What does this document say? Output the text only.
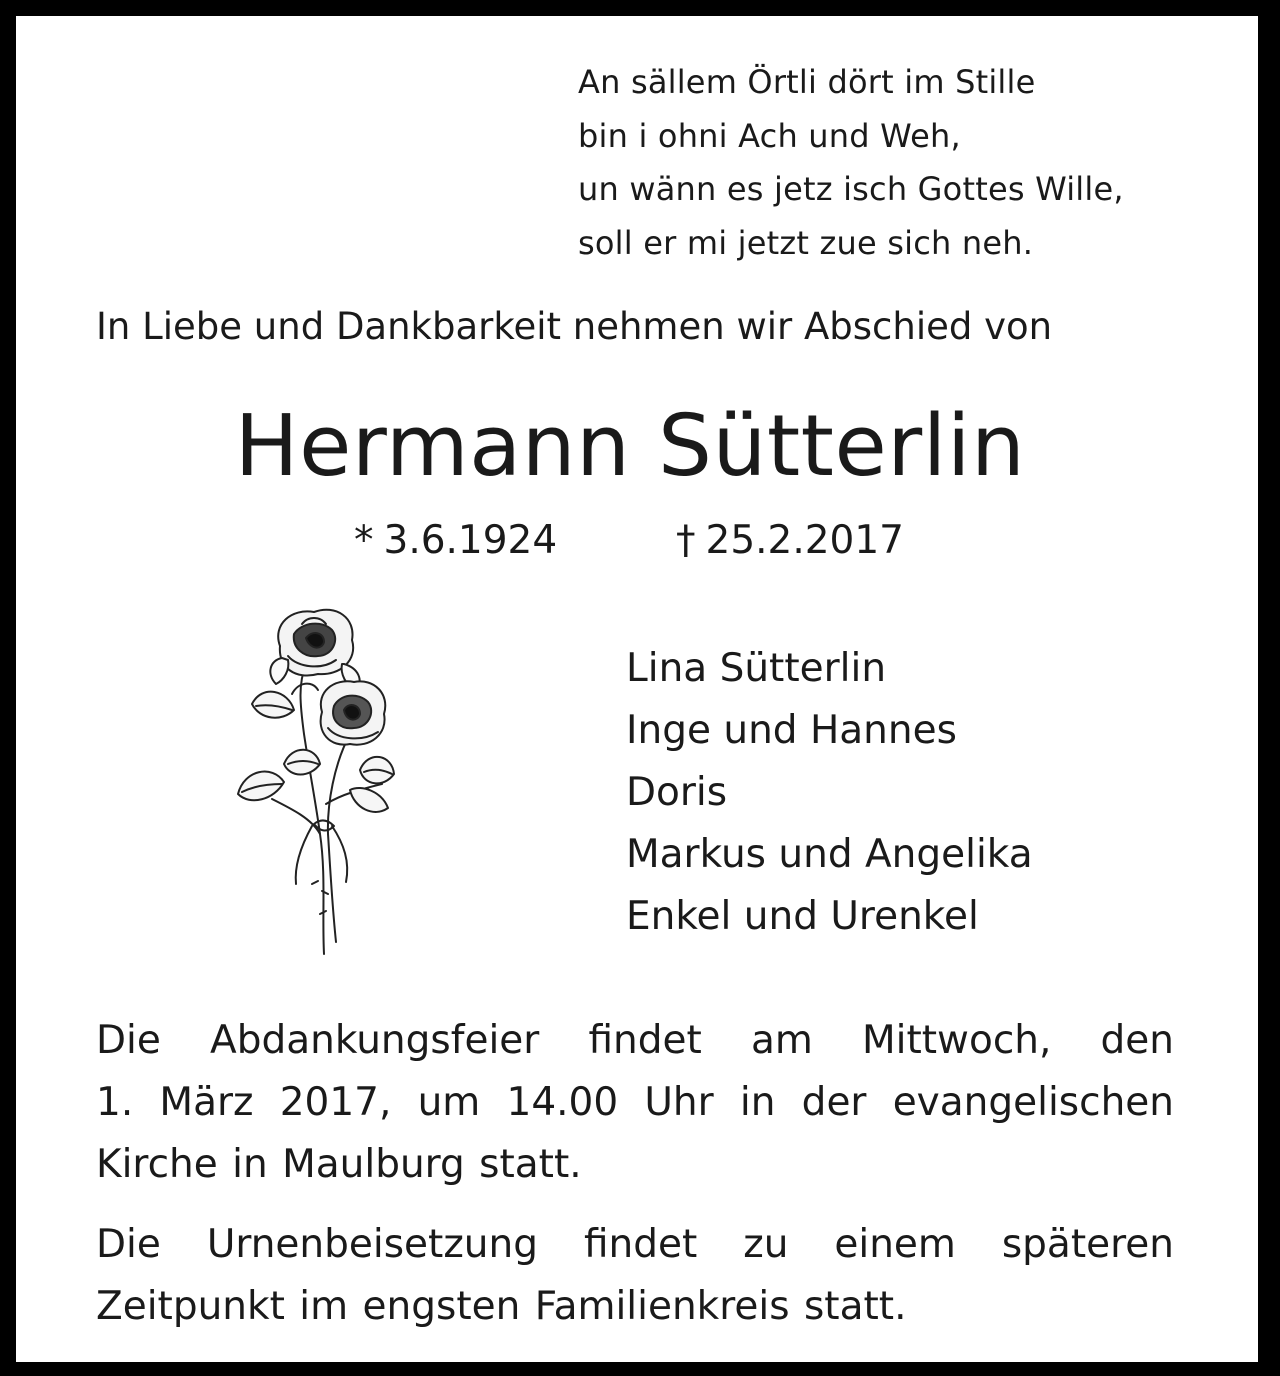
An sällem Örtli dört im Stille
bin i ohni Ach und Weh,
un wänn es jetz isch Gottes Wille,
soll er mi jetzt zue sich neh.
In Liebe und Dankbarkeit nehmen wir Abschied von
Hermann Sütterlin
* 3.6.1924	† 25.2.2017
Lina Sütterlin
Inge und Hannes
Doris
Markus und Angelika
Enkel und Urenkel
Die Abdankungsfeier findet am Mittwoch, den
1. März 2017, um 14.00 Uhr in der evangelischen
Kirche in Maulburg statt.
Die Urnenbeisetzung findet zu einem späteren
Zeitpunkt im engsten Familienkreis statt.
